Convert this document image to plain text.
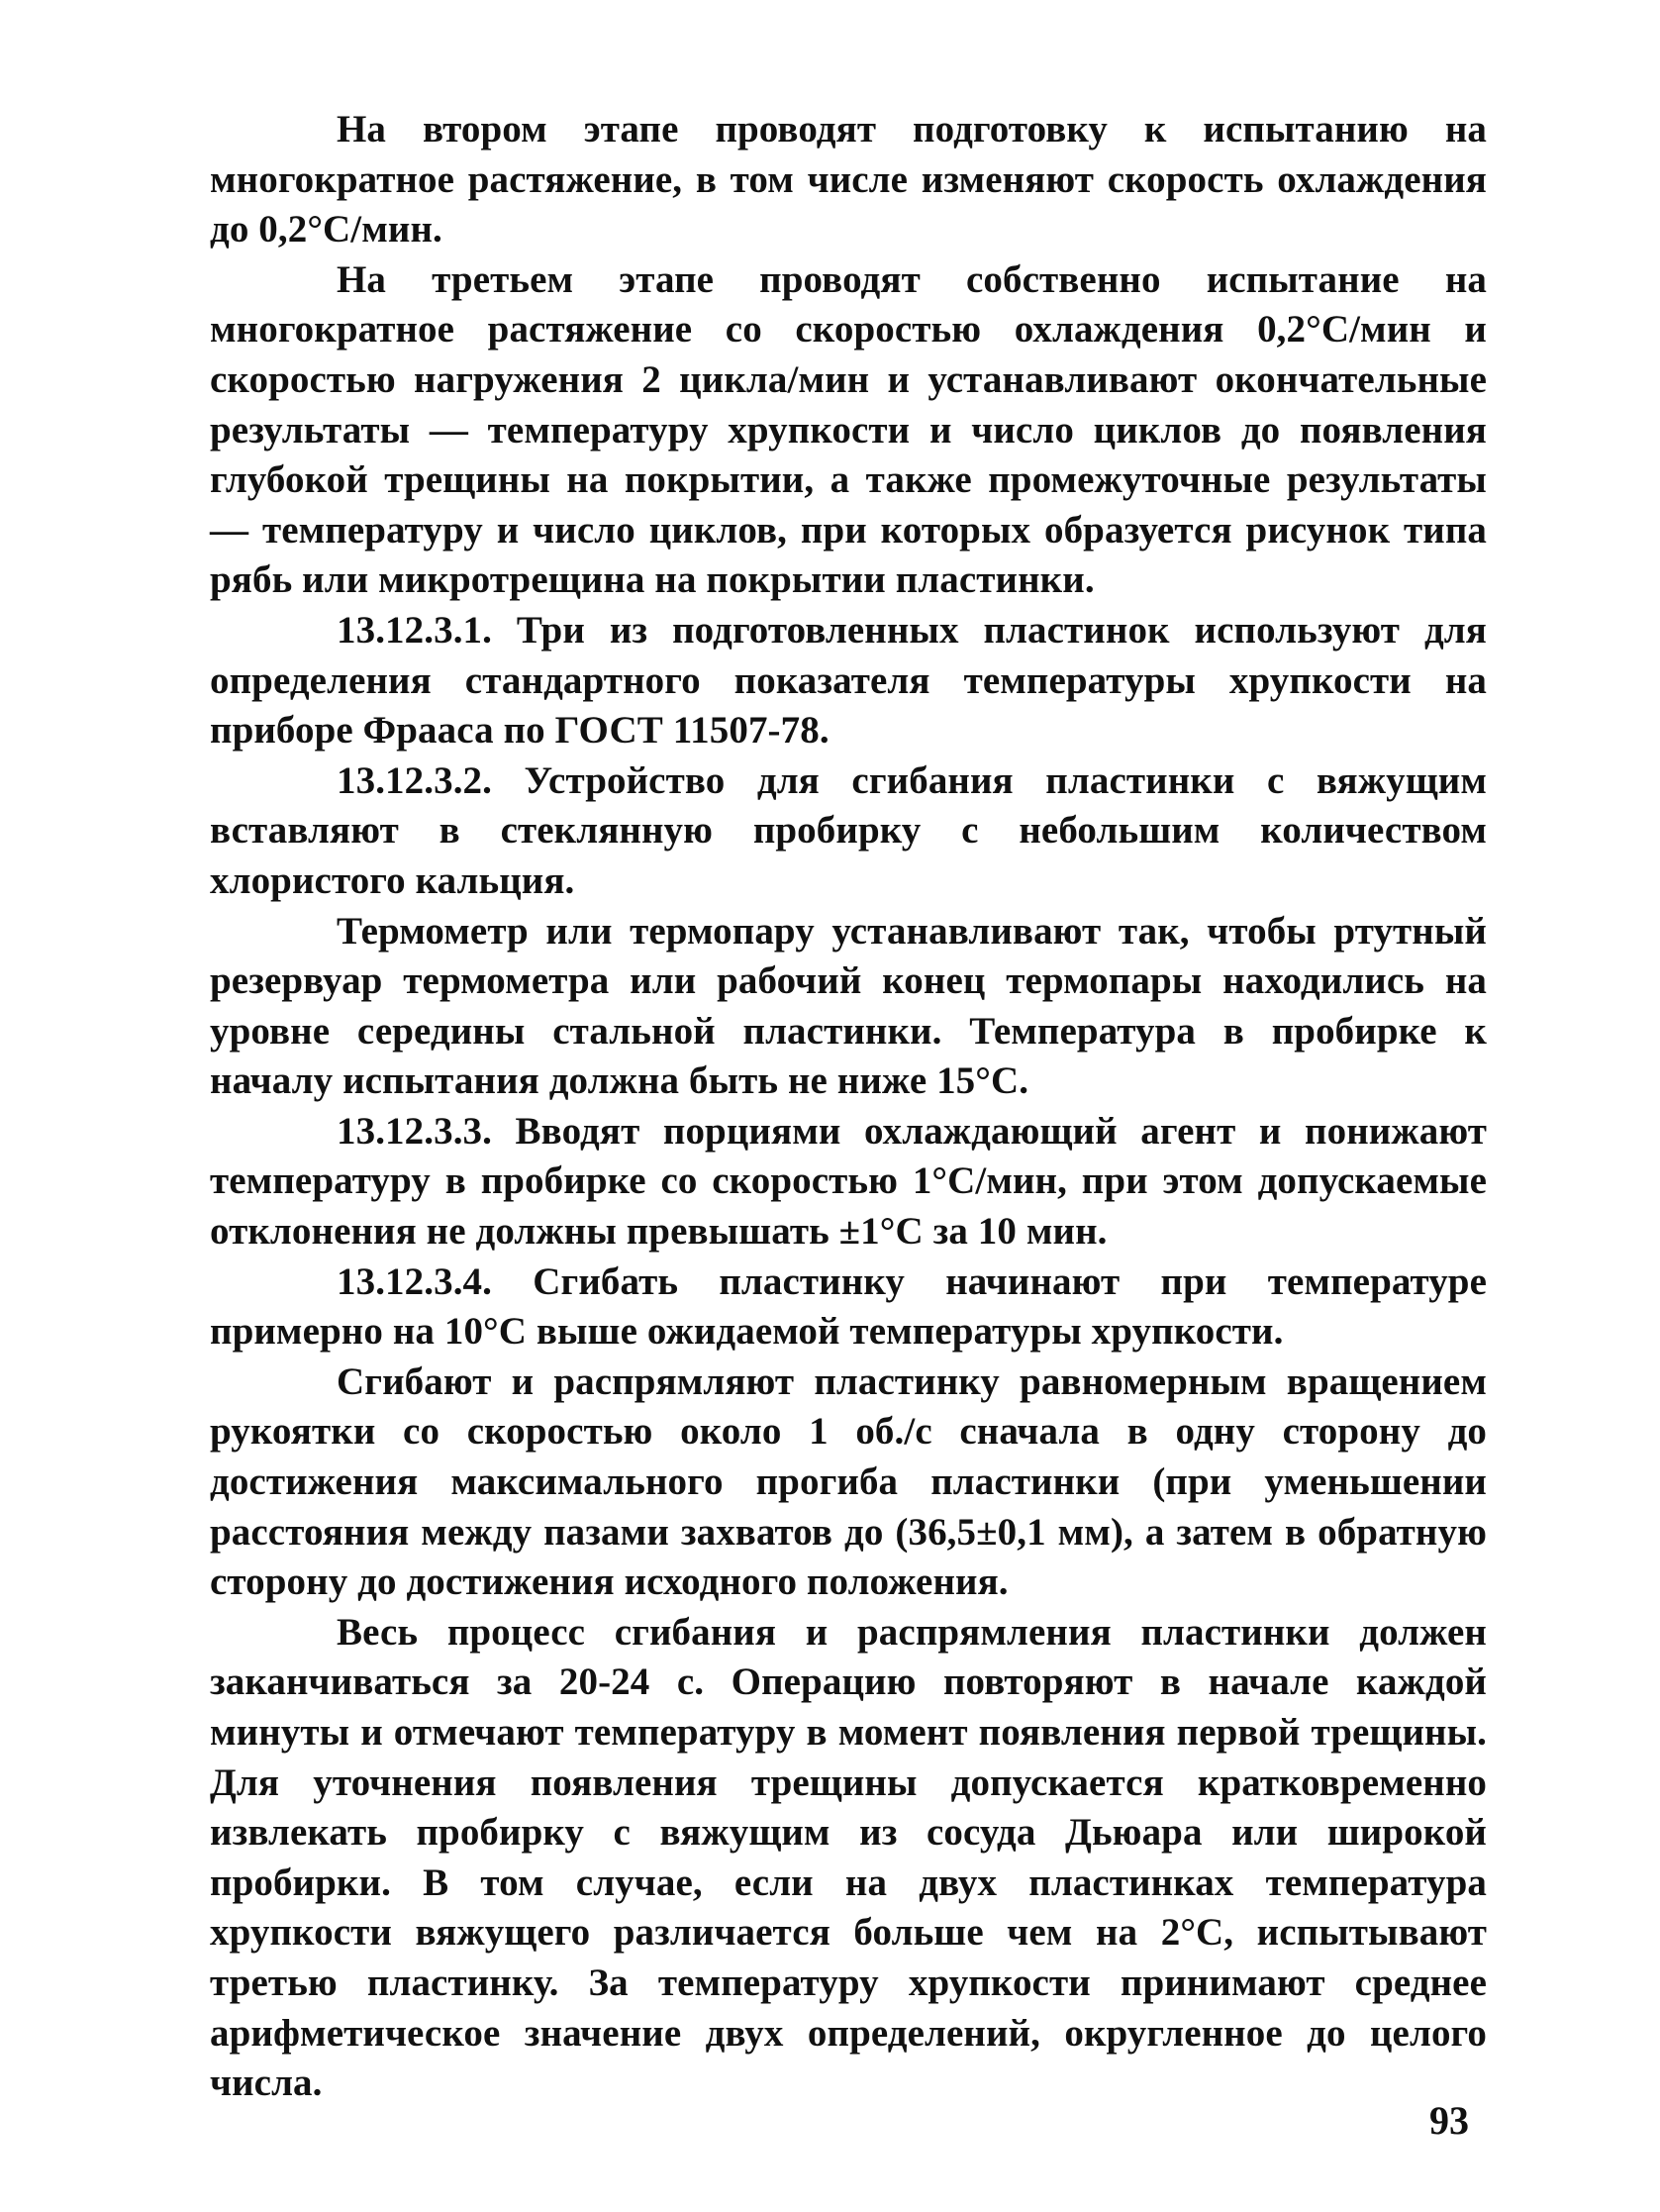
На втором этапе проводят подготовку к испытанию на многократное растяжение, в том числе изменяют скорость охлаждения до 0,2°С/мин.

На третьем этапе проводят собственно испытание на многократное растяжение со скоростью охлаждения 0,2°С/мин и скоростью нагружения 2 цикла/мин и устанавливают окончательные результаты — температуру хрупкости и число циклов до появления глубокой трещины на покрытии, а также промежуточные результаты — температуру и число циклов, при которых образуется рисунок типа рябь или микротрещина на покрытии пластинки.

13.12.3.1. Три из подготовленных пластинок используют для определения стандартного показателя температуры хрупкости на приборе Фрааса по ГОСТ 11507-78.

13.12.3.2. Устройство для сгибания пластинки с вяжущим вставляют в стеклянную пробирку с небольшим количеством хлористого кальция.

Термометр или термопару устанавливают так, чтобы ртутный резервуар термометра или рабочий конец термопары находились на уровне середины стальной пластинки. Температура в пробирке к началу испытания должна быть не ниже 15°С.

13.12.3.3. Вводят порциями охлаждающий агент и понижают температуру в пробирке со скоростью 1°С/мин, при этом допускаемые отклонения не должны превышать ±1°С за 10 мин.

13.12.3.4. Сгибать пластинку начинают при температуре примерно на 10°С выше ожидаемой температуры хрупкости.

Сгибают и распрямляют пластинку равномерным вращением рукоятки со скоростью около 1 об./с сначала в одну сторону до достижения максимального прогиба пластинки (при уменьшении расстояния между пазами захватов до (36,5±0,1 мм), а затем в обратную сторону до достижения исходного положения.

Весь процесс сгибания и распрямления пластинки должен заканчиваться за 20-24 с. Операцию повторяют в начале каждой минуты и отмечают температуру в момент появления первой трещины. Для уточнения появления трещины допускается кратковременно извлекать пробирку с вяжущим из сосуда Дьюара или широкой пробирки. В том случае, если на двух пластинках температура хрупкости вяжущего различается больше чем на 2°С, испытывают третью пластинку. За температуру хрупкости принимают среднее арифметическое значение двух определений, округленное до целого числа.

93
